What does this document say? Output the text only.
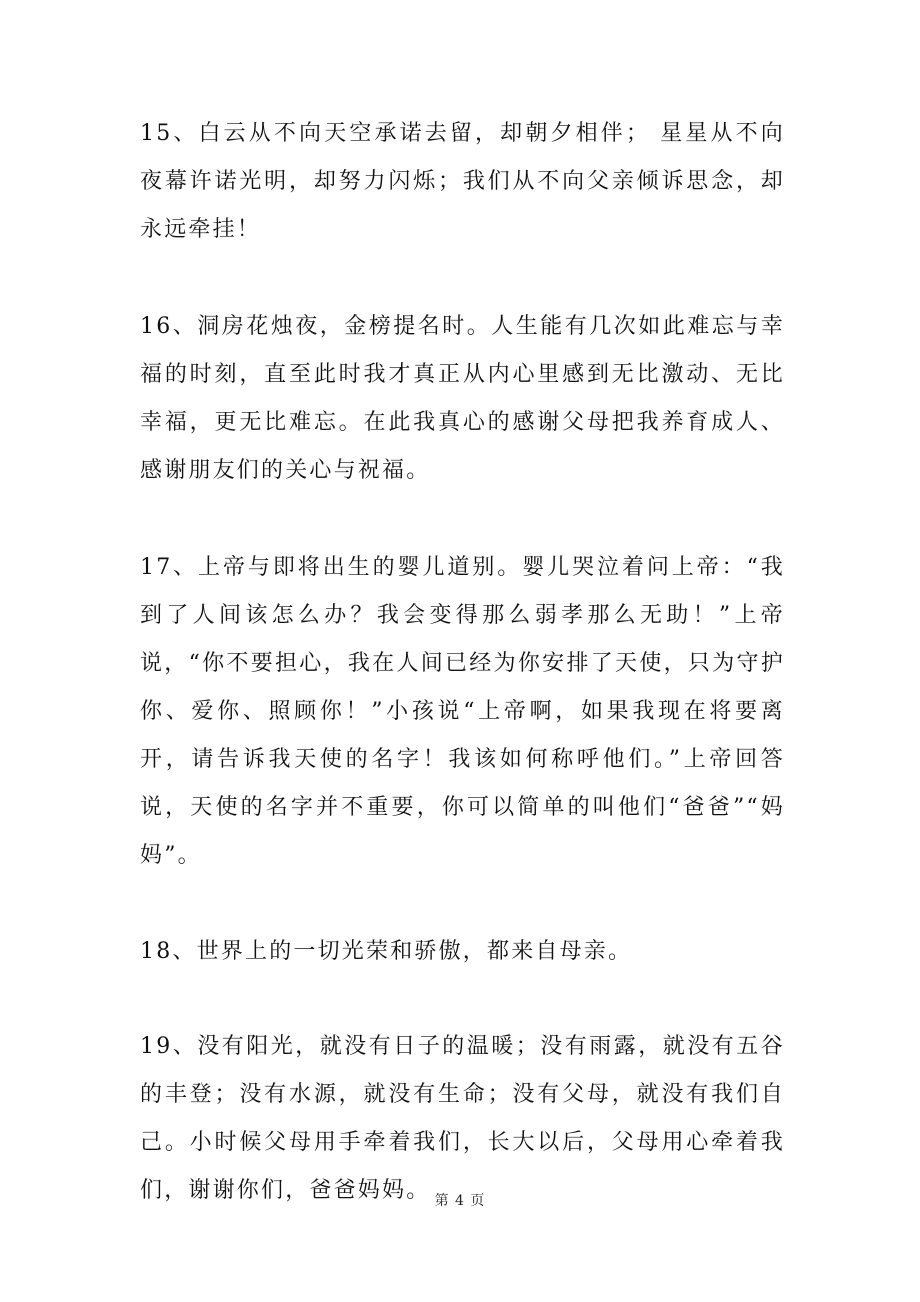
15、白云从不向天空承诺去留，却朝夕相伴； 星星从不向夜幕许诺光明，却努力闪烁；我们从不向父亲倾诉思念，却永远牵挂！

16、洞房花烛夜，金榜提名时。人生能有几次如此难忘与幸福的时刻，直至此时我才真正从内心里感到无比激动、无比幸福，更无比难忘。在此我真心的感谢父母把我养育成人、感谢朋友们的关心与祝福。

17、上帝与即将出生的婴儿道别。婴儿哭泣着问上帝：“我到了人间该怎么办？我会变得那么弱孝那么无助！”上帝说，“你不要担心，我在人间已经为你安排了天使，只为守护你、爱你、照顾你！”小孩说“上帝啊，如果我现在将要离开，请告诉我天使的名字！我该如何称呼他们。”上帝回答说，天使的名字并不重要，你可以简单的叫他们“爸爸”“妈妈”。

18、世界上的一切光荣和骄傲，都来自母亲。

19、没有阳光，就没有日子的温暖；没有雨露，就没有五谷的丰登；没有水源，就没有生命；没有父母，就没有我们自己。小时候父母用手牵着我们，长大以后，父母用心牵着我们，谢谢你们，爸爸妈妈。 第 4 页
